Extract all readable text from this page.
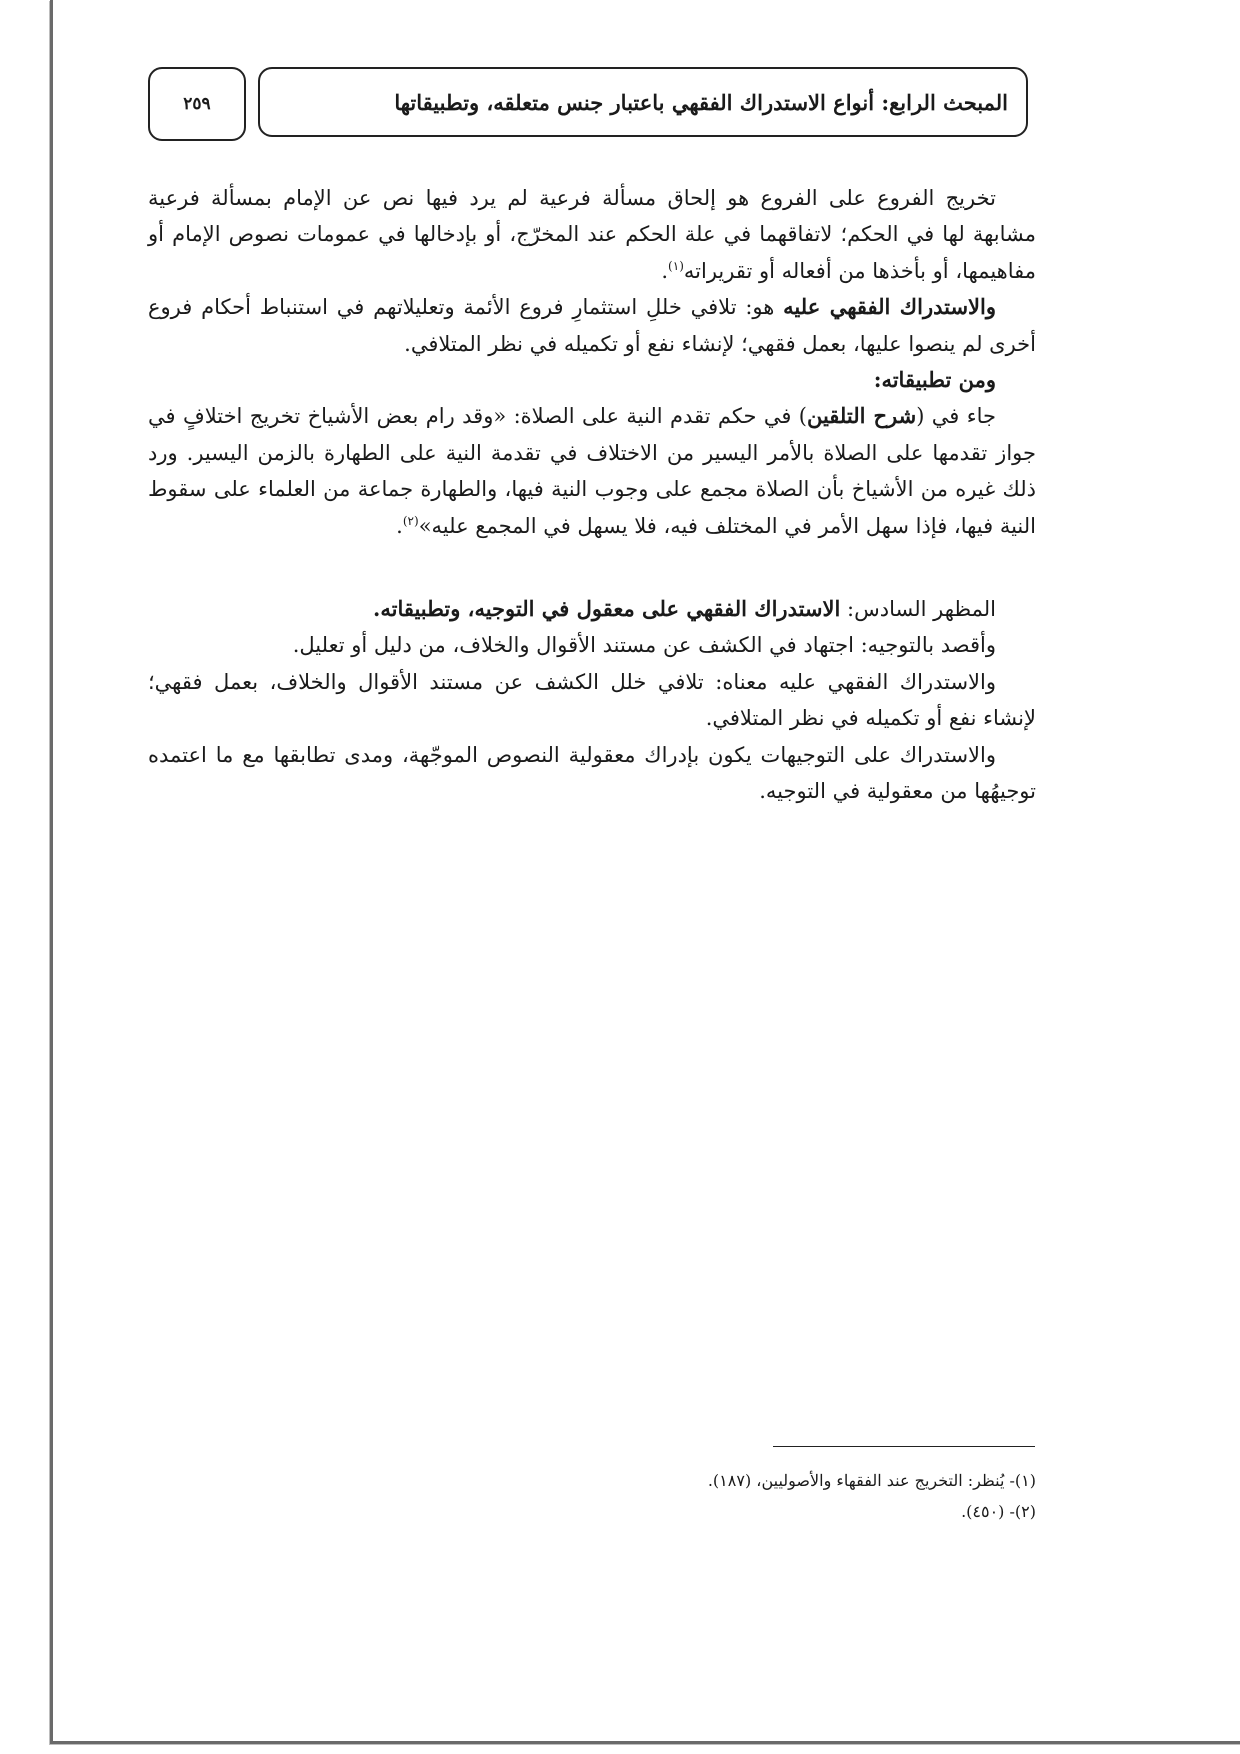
المبحث الرابع: أنواع الاستدراك الفقهي باعتبار جنس متعلقه، وتطبيقاتها
٢٥٩

تخريج الفروع على الفروع هو إلحاق مسألة فرعية لم يرد فيها نص عن الإمام بمسألة فرعية مشابهة لها في الحكم؛ لاتفاقهما في علة الحكم عند المخرّج، أو بإدخالها في عمومات نصوص الإمام أو مفاهيمها، أو بأخذها من أفعاله أو تقريراته$^{(١)}$.

والاستدراك الفقهي عليه هو: تلافي خللِ استثمارِ فروع الأئمة وتعليلاتهم في استنباط أحكام فروع أخرى لم ينصوا عليها، بعمل فقهي؛ لإنشاء نفع أو تكميله في نظر المتلافي.

ومن تطبيقاته:

جاء في (شرح التلقين) في حكم تقدم النية على الصلاة: «وقد رام بعض الأشياخ تخريج اختلافٍ في جواز تقدمها على الصلاة بالأمر اليسير من الاختلاف في تقدمة النية على الطهارة بالزمن اليسير. ورد ذلك غيره من الأشياخ بأن الصلاة مجمع على وجوب النية فيها، والطهارة جماعة من العلماء على سقوط النية فيها، فإذا سهل الأمر في المختلف فيه، فلا يسهل في المجمع عليه»$^{(٢)}$.

المظهر السادس: الاستدراك الفقهي على معقول في التوجيه، وتطبيقاته.

وأقصد بالتوجيه: اجتهاد في الكشف عن مستند الأقوال والخلاف، من دليل أو تعليل.

والاستدراك الفقهي عليه معناه: تلافي خلل الكشف عن مستند الأقوال والخلاف، بعمل فقهي؛ لإنشاء نفع أو تكميله في نظر المتلافي.

والاستدراك على التوجيهات يكون بإدراك معقولية النصوص الموجّهة، ومدى تطابقها مع ما اعتمده توجيهُها من معقولية في التوجيه.

(١)- يُنظر: التخريج عند الفقهاء والأصوليين، (١٨٧).
(٢)- (٤٥٠).
